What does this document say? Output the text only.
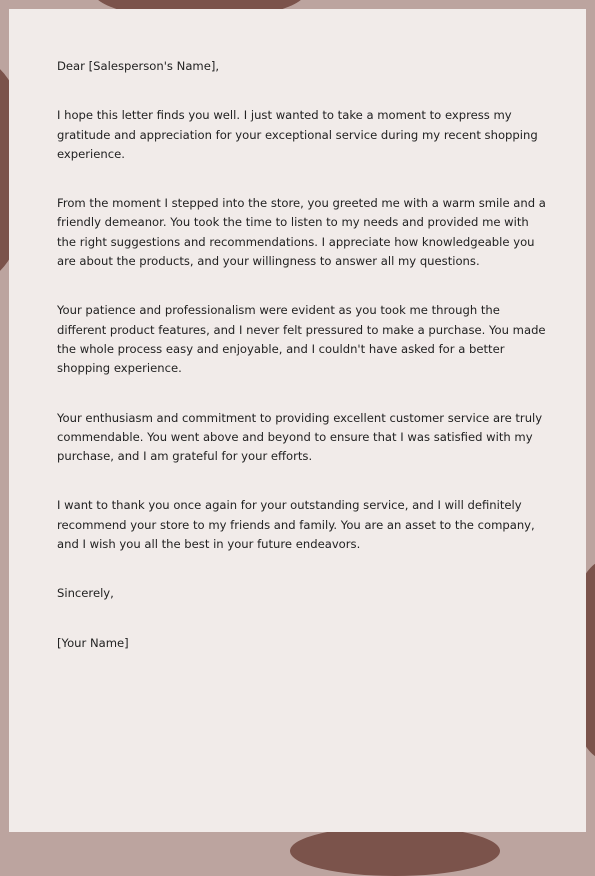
Dear [Salesperson's Name],

I hope this letter finds you well. I just wanted to take a moment to express my gratitude and appreciation for your exceptional service during my recent shopping experience.

From the moment I stepped into the store, you greeted me with a warm smile and a friendly demeanor. You took the time to listen to my needs and provided me with the right suggestions and recommendations. I appreciate how knowledgeable you are about the products, and your willingness to answer all my questions.

Your patience and professionalism were evident as you took me through the different product features, and I never felt pressured to make a purchase. You made the whole process easy and enjoyable, and I couldn't have asked for a better shopping experience.

Your enthusiasm and commitment to providing excellent customer service are truly commendable. You went above and beyond to ensure that I was satisfied with my purchase, and I am grateful for your efforts.

I want to thank you once again for your outstanding service, and I will definitely recommend your store to my friends and family. You are an asset to the company, and I wish you all the best in your future endeavors.

Sincerely,

[Your Name]
